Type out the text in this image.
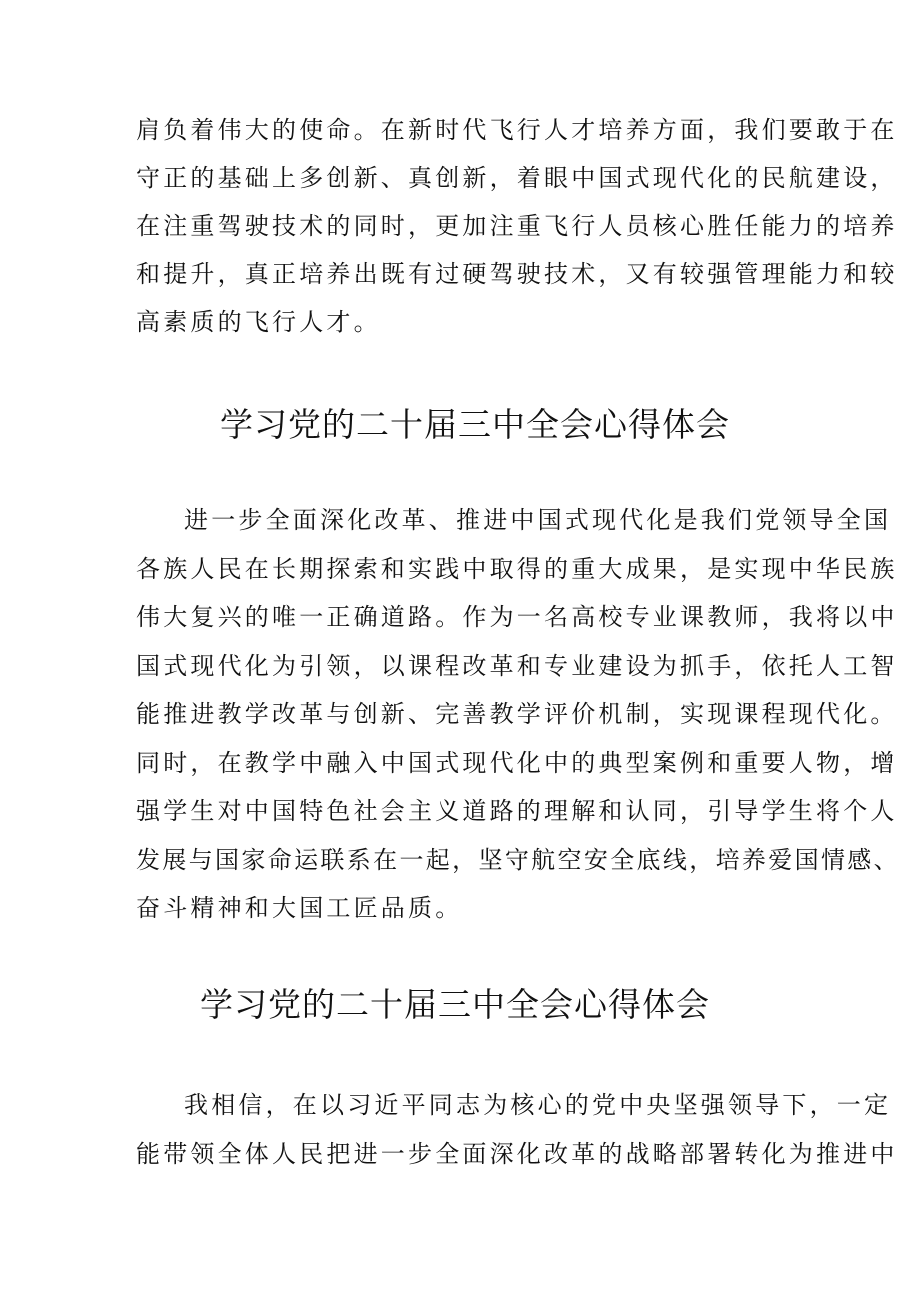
肩负着伟大的使命。在新时代飞行人才培养方面，我们要敢于在
守正的基础上多创新、真创新，着眼中国式现代化的民航建设，
在注重驾驶技术的同时，更加注重飞行人员核心胜任能力的培养
和提升，真正培养出既有过硬驾驶技术，又有较强管理能力和较
高素质的飞行人才。
学习党的二十届三中全会心得体会
进一步全面深化改革、推进中国式现代化是我们党领导全国
各族人民在长期探索和实践中取得的重大成果，是实现中华民族
伟大复兴的唯一正确道路。作为一名高校专业课教师，我将以中
国式现代化为引领，以课程改革和专业建设为抓手，依托人工智
能推进教学改革与创新、完善教学评价机制，实现课程现代化。
同时，在教学中融入中国式现代化中的典型案例和重要人物，增
强学生对中国特色社会主义道路的理解和认同，引导学生将个人
发展与国家命运联系在一起，坚守航空安全底线，培养爱国情感、
奋斗精神和大国工匠品质。
学习党的二十届三中全会心得体会
我相信，在以习近平同志为核心的党中央坚强领导下，一定
能带领全体人民把进一步全面深化改革的战略部署转化为推进中
